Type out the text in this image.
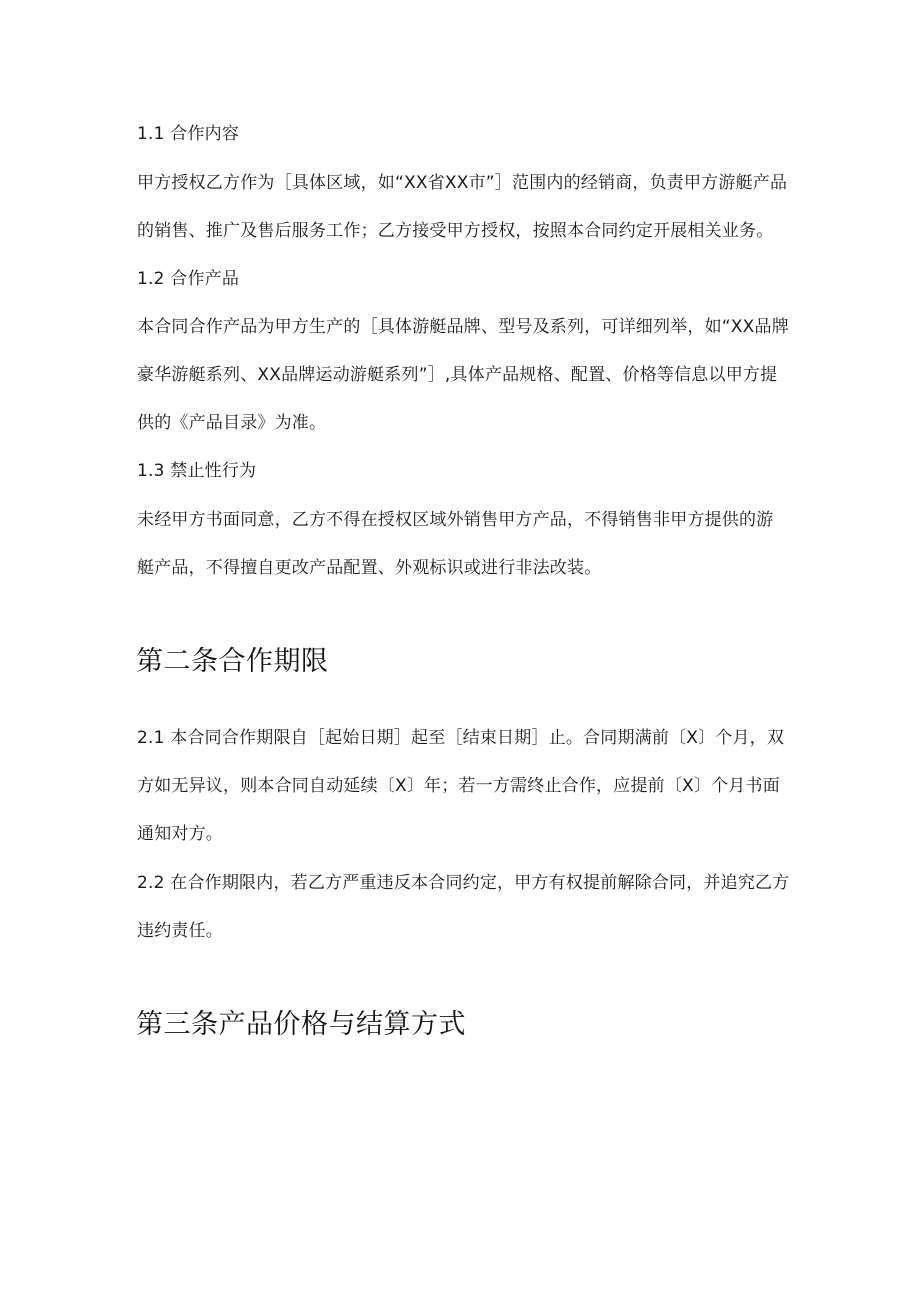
1.1 合作内容
甲方授权乙方作为［具体区域，如“XX省XX市”］范围内的经销商，负责甲方游艇产品
的销售、推广及售后服务工作；乙方接受甲方授权，按照本合同约定开展相关业务。
1.2 合作产品
本合同合作产品为甲方生产的［具体游艇品牌、型号及系列，可详细列举，如“XX品牌
豪华游艇系列、XX品牌运动游艇系列”］,具体产品规格、配置、价格等信息以甲方提
供的《产品目录》为准。
1.3 禁止性行为
未经甲方书面同意，乙方不得在授权区域外销售甲方产品，不得销售非甲方提供的游
艇产品，不得擅自更改产品配置、外观标识或进行非法改装。
第二条合作期限
2.1 本合同合作期限自［起始日期］起至［结束日期］止。合同期满前〔X〕个月，双
方如无异议，则本合同自动延续〔X〕年；若一方需终止合作，应提前〔X〕个月书面
通知对方。
2.2 在合作期限内，若乙方严重违反本合同约定，甲方有权提前解除合同，并追究乙方
违约责任。
第三条产品价格与结算方式
